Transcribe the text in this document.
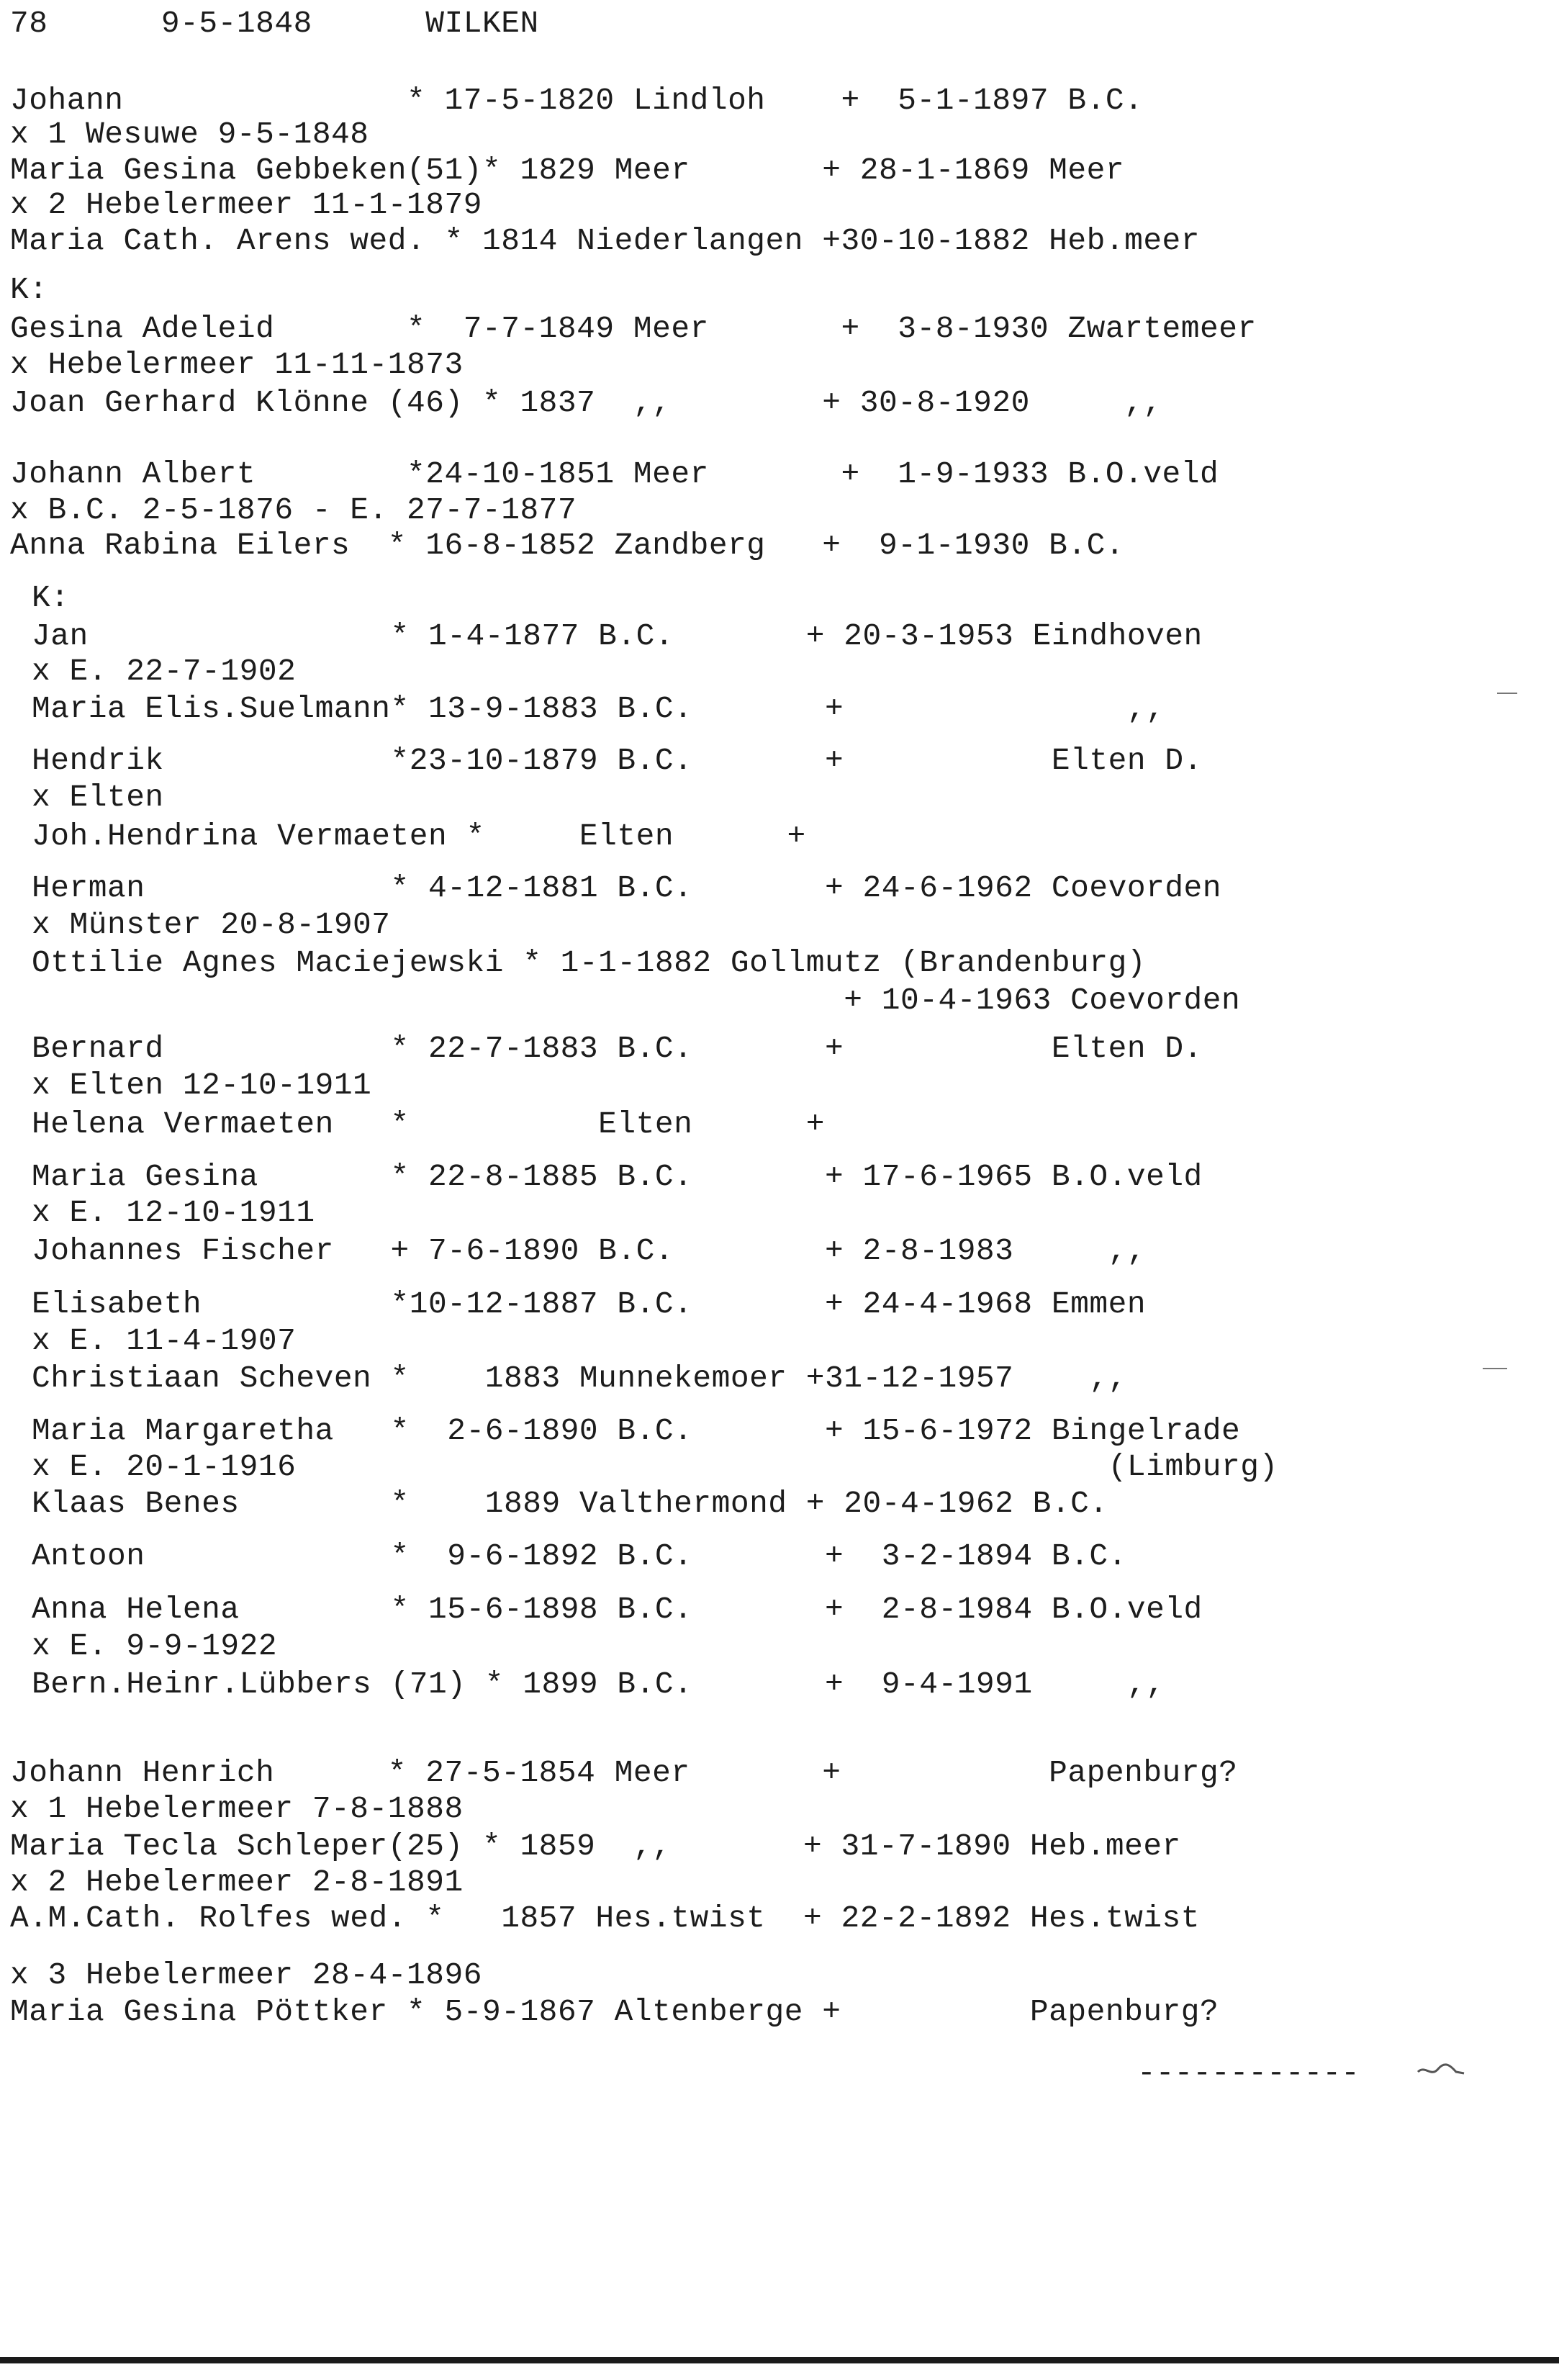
78      9-5-1848      WILKEN
Johann               * 17-5-1820 Lindloh    +  5-1-1897 B.C.
x 1 Wesuwe 9-5-1848
Maria Gesina Gebbeken(51)* 1829 Meer       + 28-1-1869 Meer
x 2 Hebelermeer 11-1-1879
Maria Cath. Arens wed. * 1814 Niederlangen +30-10-1882 Heb.meer
K:
Gesina Adeleid       *  7-7-1849 Meer       +  3-8-1930 Zwartemeer
x Hebelermeer 11-11-1873
Joan Gerhard Klönne (46) * 1837  ,,        + 30-8-1920     ,,
Johann Albert        *24-10-1851 Meer       +  1-9-1933 B.O.veld
x B.C. 2-5-1876 - E. 27-7-1877
Anna Rabina Eilers  * 16-8-1852 Zandberg   +  9-1-1930 B.C.
K:
Jan                * 1-4-1877 B.C.       + 20-3-1953 Eindhoven
x E. 22-7-1902
Maria Elis.Suelmann* 13-9-1883 B.C.       +               ,,
Hendrik            *23-10-1879 B.C.       +           Elten D.
x Elten
Joh.Hendrina Vermaeten *     Elten      +
Herman             * 4-12-1881 B.C.       + 24-6-1962 Coevorden
x Münster 20-8-1907
Ottilie Agnes Maciejewski * 1-1-1882 Gollmutz (Brandenburg)
+ 10-4-1963 Coevorden
Bernard            * 22-7-1883 B.C.       +           Elten D.
x Elten 12-10-1911
Helena Vermaeten   *          Elten      +
Maria Gesina       * 22-8-1885 B.C.       + 17-6-1965 B.O.veld
x E. 12-10-1911
Johannes Fischer   + 7-6-1890 B.C.        + 2-8-1983     ,,
Elisabeth          *10-12-1887 B.C.       + 24-4-1968 Emmen
x E. 11-4-1907
Christiaan Scheven *    1883 Munnekemoer +31-12-1957    ,,
Maria Margaretha   *  2-6-1890 B.C.       + 15-6-1972 Bingelrade
x E. 20-1-1916                                           (Limburg)
Klaas Benes        *    1889 Valthermond + 20-4-1962 B.C.
Antoon             *  9-6-1892 B.C.       +  3-2-1894 B.C.
Anna Helena        * 15-6-1898 B.C.       +  2-8-1984 B.O.veld
x E. 9-9-1922
Bern.Heinr.Lübbers (71) * 1899 B.C.       +  9-4-1991     ,,
Johann Henrich      * 27-5-1854 Meer       +           Papenburg?
x 1 Hebelermeer 7-8-1888
Maria Tecla Schleper(25) * 1859  ,,       + 31-7-1890 Heb.meer
x 2 Hebelermeer 2-8-1891
A.M.Cath. Rolfes wed. *   1857 Hes.twist  + 22-2-1892 Hes.twist
x 3 Hebelermeer 28-4-1896
Maria Gesina Pöttker * 5-9-1867 Altenberge +          Papenburg?
------------
